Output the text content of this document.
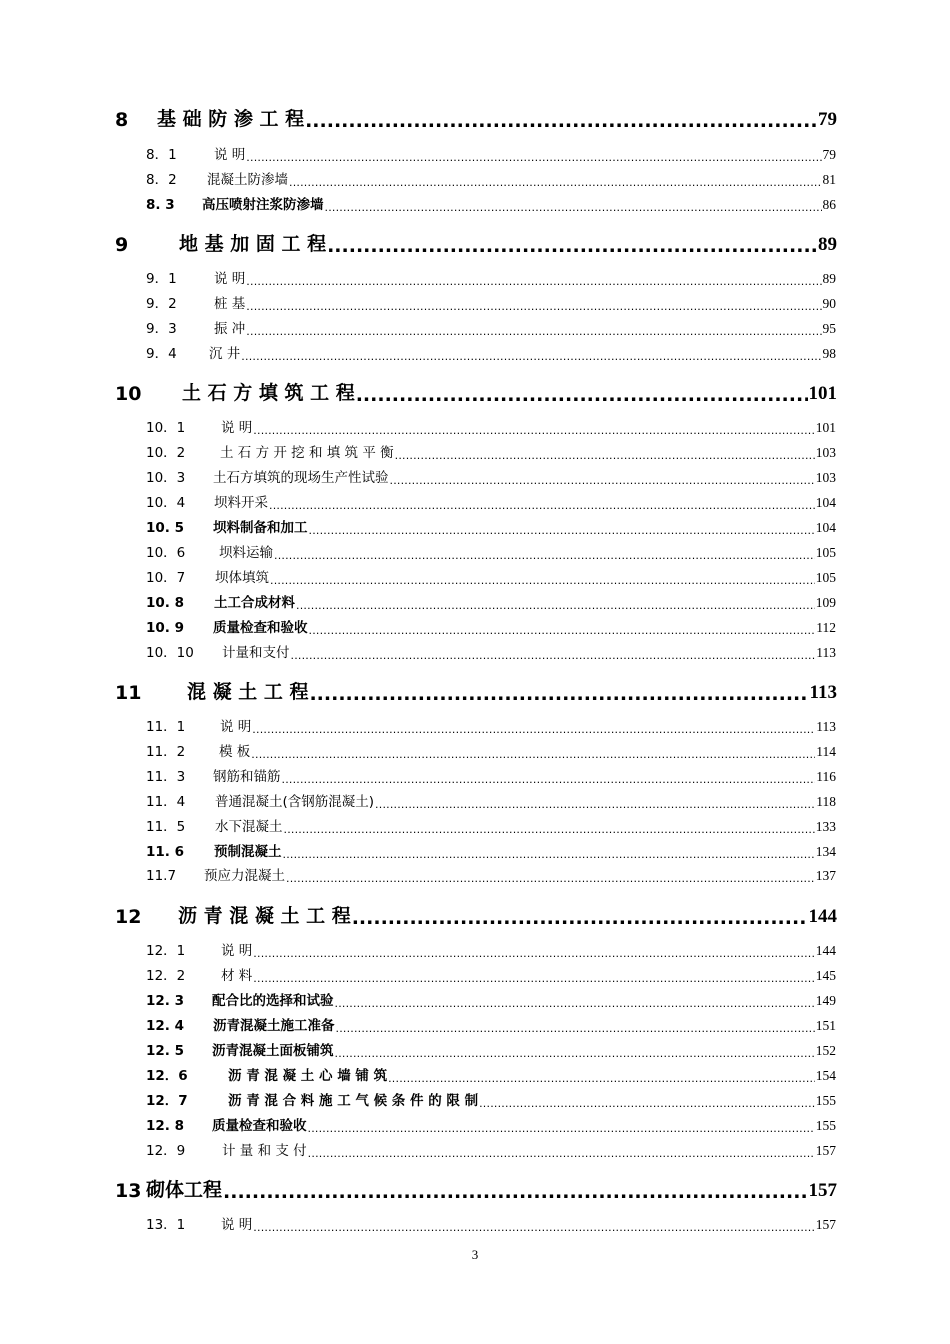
8	基 础 防 渗 工 程 .....	79
8．1	说 明 .....	79
8．2	混凝土防渗墙 .....	81
8. 3	高压喷射注浆防渗墙 .....	86
9	地 基 加 固 工 程 .....	89
9．1	说 明 .....	89
9．2	桩 基 .....	90
9．3	振 冲 .....	95
9．4	沉 井 .....	98
10	土 石 方 填 筑 工 程 .....	101
10．1	说 明 .....	101
10．2	土 石 方 开 挖 和 填 筑 平 衡 .....	103
10．3	土石方填筑的现场生产性试验 .....	103
10．4	坝料开采 .....	104
10. 5	坝料制备和加工 .....	104
10．6	坝料运输 .....	105
10．7	坝体填筑 .....	105
10. 8	土工合成材料 .....	109
10. 9	质量检查和验收 .....	112
10．10	计量和支付 .....	113
11	混 凝 土 工 程 .....	113
11．1	说 明 .....	113
11．2	模 板 .....	114
11．3	钢筋和锚筋 .....	116
11．4	普通混凝土(含钢筋混凝土) .....	118
11．5	水下混凝土 .....	133
11. 6	预制混凝土 .....	134
11.7	预应力混凝土 .....	137
12	沥 青 混 凝 土 工 程 .....	144
12．1	说 明 .....	144
12．2	材 料 .....	145
12. 3	配合比的选择和试验 .....	149
12. 4	沥青混凝土施工准备 .....	151
12. 5	沥青混凝土面板铺筑 .....	152
12．6	沥 青 混 凝 土 心 墙 铺 筑 .....	154
12．7	沥 青 混 合 料 施 工 气 候 条 件 的 限 制 .....	155
12. 8	质量检查和验收 .....	155
12．9	计 量 和 支 付 .....	157
13 砌体工程 .....	157
13．1	说 明 .....	157
3
